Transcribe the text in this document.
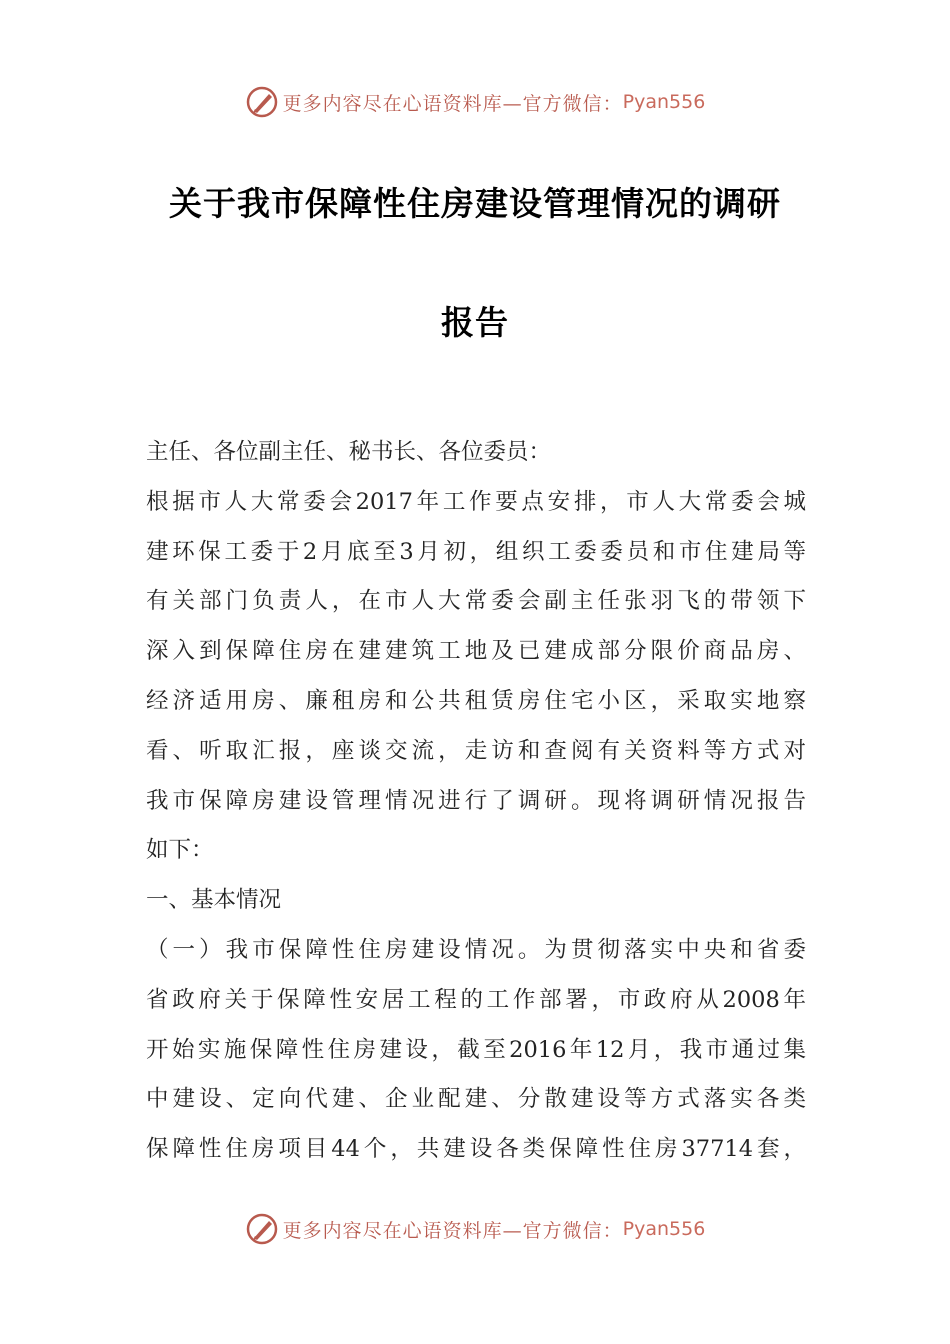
更多内容尽在心语资料库—官方微信： Pyan556
关于我市保障性住房建设管理情况的调研
报告
主任、各位副主任、秘书长、各位委员：
根据市人大常委会2017年工作要点安排，市人大常委会城
建环保工委于2月底至3月初，组织工委委员和市住建局等
有关部门负责人，在市人大常委会副主任张羽飞的带领下
深入到保障住房在建建筑工地及已建成部分限价商品房、
经济适用房、廉租房和公共租赁房住宅小区，采取实地察
看、听取汇报，座谈交流，走访和查阅有关资料等方式对
我市保障房建设管理情况进行了调研。现将调研情况报告
如下：
一、基本情况
（一）我市保障性住房建设情况。为贯彻落实中央和省委
省政府关于保障性安居工程的工作部署，市政府从2008年
开始实施保障性住房建设，截至2016年12月，我市通过集
中建设、定向代建、企业配建、分散建设等方式落实各类
保障性住房项目44个，共建设各类保障性住房37714套，
更多内容尽在心语资料库—官方微信： Pyan556
